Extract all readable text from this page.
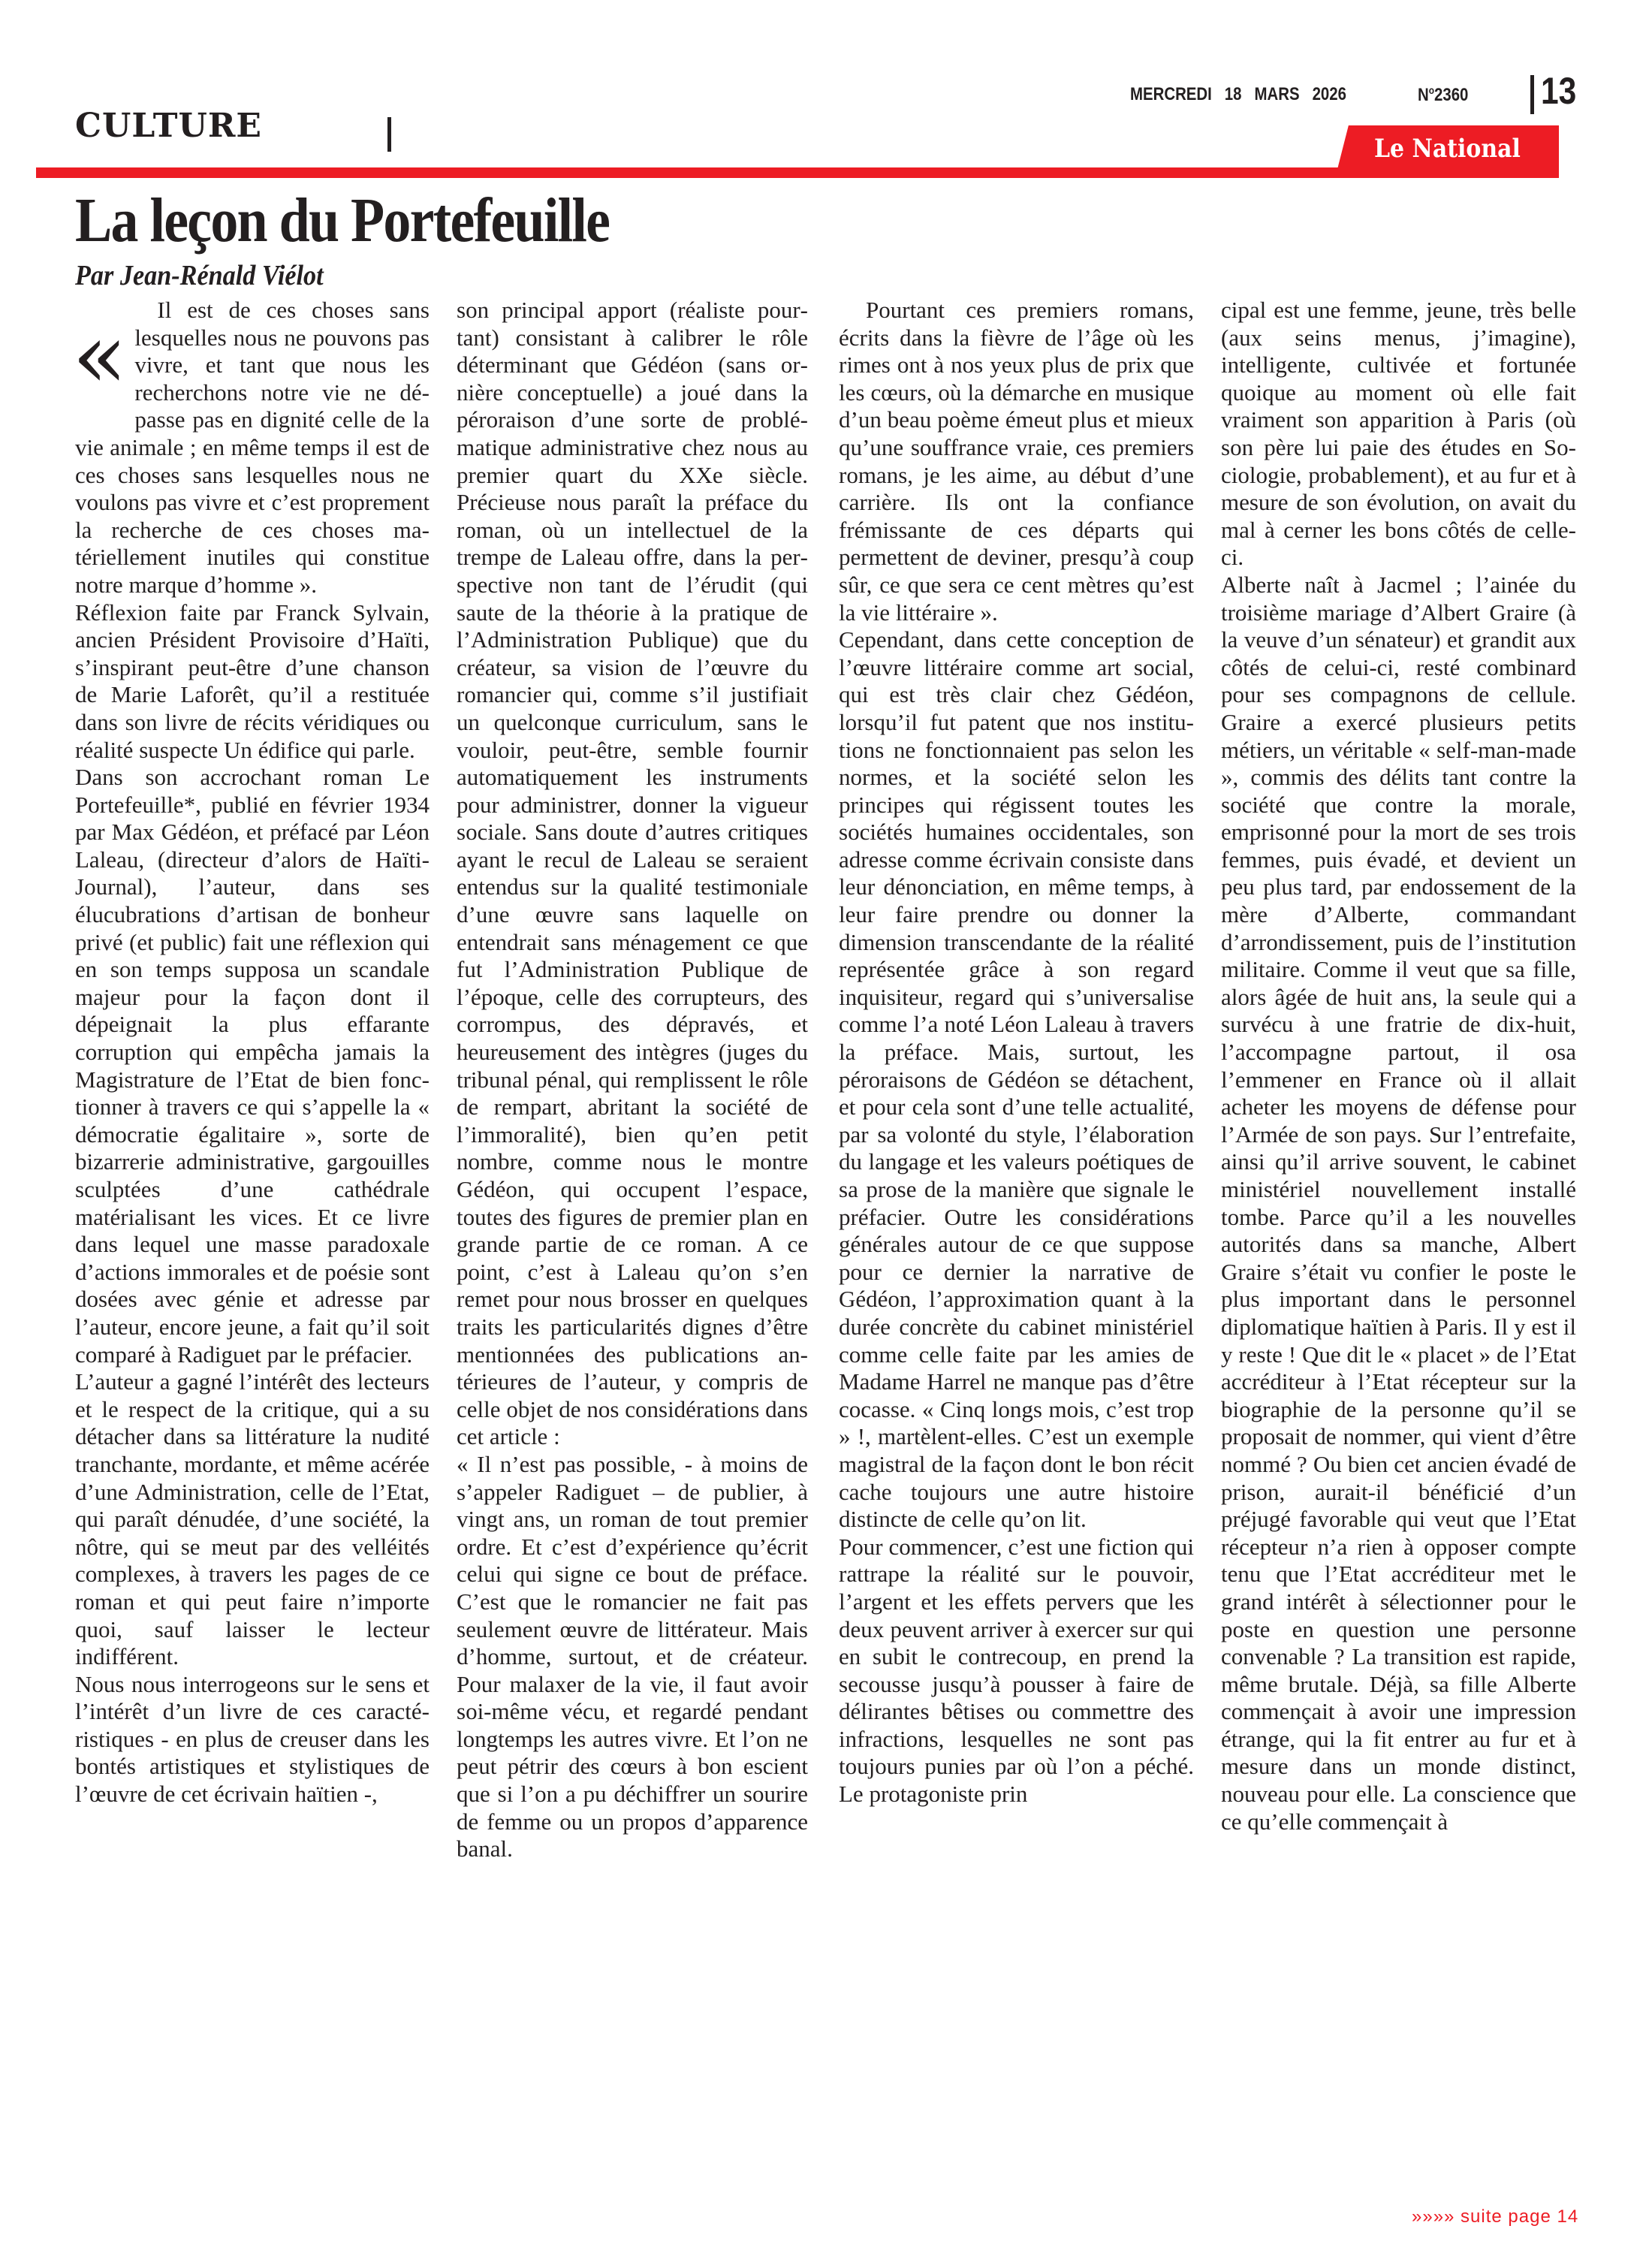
CULTURE
MERCREDI   18   MARS   2026	$N^o2360$ 13
Le National
La leçon du Portefeuille
Par Jean-Rénald Viélot
«	Il est de ces choses sans lesquelles nous ne pouvons pas vivre, et tant que nous les recherchons notre vie ne dépasse pas en dignité celle de la vie animale ; en même temps il est de ces choses sans lesquelles nous ne voulons pas vivre et c’est proprement la recherche de ces choses matériellement inutiles qui constitue notre marque d’homme ».

Réflexion faite par Franck Sylvain, ancien Président Provisoire d’Haïti, s’inspirant peut-être d’une chanson de Marie Laforêt, qu’il a restituée dans son livre de récits véridiques ou réalité suspecte Un édifice qui parle.

Dans son accrochant roman Le Portefeuille*, publié en février 1934 par Max Gédéon, et préfacé par Léon Laleau, (directeur d’alors de Haïti-Journal), l’auteur, dans ses élucubrations d’artisan de bonheur privé (et public) fait une réflexion qui en son temps supposa un scandale majeur pour la façon dont il dépeignait la plus effarante corruption qui empêcha jamais la Magistrature de l’Etat de bien fonctionner à travers ce qui s’appelle la « démocratie égalitaire », sorte de bizarrerie administrative, gargouilles sculptées d’une cathédrale matérialisant les vices. Et ce livre dans lequel une masse paradoxale d’actions immorales et de poésie sont dosées avec génie et adresse par l’auteur, encore jeune, a fait qu’il soit comparé à Radiguet par le préfacier.

L’auteur a gagné l’intérêt des lecteurs et le respect de la critique, qui a su détacher dans sa littérature la nudité tranchante, mordante, et même acérée d’une Administration, celle de l’Etat, qui paraît dénudée, d’une société, la nôtre, qui se meut par des velléités complexes, à travers les pages de ce roman et qui peut faire n’importe quoi, sauf laisser le lecteur indifférent.

Nous nous interrogeons sur le sens et l’intérêt d’un livre de ces caractéristiques - en plus de creuser dans les bontés artistiques et stylistiques de l’œuvre de cet écrivain haïtien -,

son principal apport (réaliste pourtant) consistant à calibrer le rôle déterminant que Gédéon (sans ornière conceptuelle) a joué dans la péroraison d’une sorte de problématique administrative chez nous au premier quart du XXe siècle. Précieuse nous paraît la préface du roman, où un intellectuel de la trempe de Laleau offre, dans la perspective non tant de l’érudit (qui saute de la théorie à la pratique de l’Administration Publique) que du créateur, sa vision de l’œuvre du romancier qui, comme s’il justifiait un quelconque curriculum, sans le vouloir, peut-être, semble fournir automatiquement les instruments pour administrer, donner la vigueur sociale. Sans doute d’autres critiques ayant le recul de Laleau se seraient entendus sur la qualité testimoniale d’une œuvre sans laquelle on entendrait sans ménagement ce que fut l’Administration Publique de l’époque, celle des corrupteurs, des corrompus, des dépravés, et heureusement des intègres (juges du tribunal pénal, qui remplissent le rôle de rempart, abritant la société de l’immoralité), bien qu’en petit nombre, comme nous le montre Gédéon, qui occupent l’espace, toutes des figures de premier plan en grande partie de ce roman. A ce point, c’est à Laleau qu’on s’en remet pour nous brosser en quelques traits les particularités dignes d’être mentionnées des publications antérieures de l’auteur, y compris de celle objet de nos considérations dans cet article :

« Il n’est pas possible, - à moins de s’appeler Radiguet – de publier, à vingt ans, un roman de tout premier ordre. Et c’est d’expérience qu’écrit celui qui signe ce bout de préface. C’est que le romancier ne fait pas seulement œuvre de littérateur. Mais d’homme, surtout, et de créateur. Pour malaxer de la vie, il faut avoir soi-même vécu, et regardé pendant longtemps les autres vivre. Et l’on ne peut pétrir des cœurs à bon escient que si l’on a pu déchiffrer un sourire de femme ou un propos d’apparence banal.

Pourtant ces premiers romans, écrits dans la fièvre de l’âge où les rimes ont à nos yeux plus de prix que les cœurs, où la démarche en musique d’un beau poème émeut plus et mieux qu’une souffrance vraie, ces premiers romans, je les aime, au début d’une carrière. Ils ont la confiance frémissante de ces départs qui permettent de deviner, presqu’à coup sûr, ce que sera ce cent mètres qu’est la vie littéraire ».

Cependant, dans cette conception de l’œuvre littéraire comme art social, qui est très clair chez Gédéon, lorsqu’il fut patent que nos institutions ne fonctionnaient pas selon les normes, et la société selon les principes qui régissent toutes les sociétés humaines occidentales, son adresse comme écrivain consiste dans leur dénonciation, en même temps, à leur faire prendre ou donner la dimension transcendante de la réalité représentée grâce à son regard inquisiteur, regard qui s’universalise comme l’a noté Léon Laleau à travers la préface. Mais, surtout, les péroraisons de Gédéon se détachent, et pour cela sont d’une telle actualité, par sa volonté du style, l’élaboration du langage et les valeurs poétiques de sa prose de la manière que signale le préfacier. Outre les considérations générales autour de ce que suppose pour ce dernier la narrative de Gédéon, l’approximation quant à la durée concrète du cabinet ministériel comme celle faite par les amies de Madame Harrel ne manque pas d’être cocasse. « Cinq longs mois, c’est trop » !, martèlent-elles. C’est un exemple magistral de la façon dont le bon récit cache toujours une autre histoire distincte de celle qu’on lit.

Pour commencer, c’est une fiction qui rattrape la réalité sur le pouvoir, l’argent et les effets pervers que les deux peuvent arriver à exercer sur qui en subit le contrecoup, en prend la secousse jusqu’à pousser à faire de délirantes bêtises ou commettre des infractions, lesquelles ne sont pas toujours punies par où l’on a péché. Le protagoniste prin

cipal est une femme, jeune, très belle (aux seins menus, j’imagine), intelligente, cultivée et fortunée quoique au moment où elle fait vraiment son apparition à Paris (où son père lui paie des études en Sociologie, probablement), et au fur et à mesure de son évolution, on avait du mal à cerner les bons côtés de celle-ci.

Alberte naît à Jacmel ; l’ainée du troisième mariage d’Albert Graire (à la veuve d’un sénateur) et grandit aux côtés de celui-ci, resté combinard pour ses compagnons de cellule. Graire a exercé plusieurs petits métiers, un véritable « self-man-made », commis des délits tant contre la société que contre la morale, emprisonné pour la mort de ses trois femmes, puis évadé, et devient un peu plus tard, par endossement de la mère d’Alberte, commandant d’arrondissement, puis de l’institution militaire. Comme il veut que sa fille, alors âgée de huit ans, la seule qui a survécu à une fratrie de dix-huit, l’accompagne partout, il osa l’emmener en France où il allait acheter les moyens de défense pour l’Armée de son pays. Sur l’entrefaite, ainsi qu’il arrive souvent, le cabinet ministériel nouvellement installé tombe. Parce qu’il a les nouvelles autorités dans sa manche, Albert Graire s’était vu confier le poste le plus important dans le personnel diplomatique haïtien à Paris. Il y est il y reste ! Que dit le « placet » de l’Etat accréditeur à l’Etat récepteur sur la biographie de la personne qu’il se proposait de nommer, qui vient d’être nommé ? Ou bien cet ancien évadé de prison, aurait-il bénéficié d’un préjugé favorable qui veut que l’Etat récepteur n’a rien à opposer compte tenu que l’Etat accréditeur met le grand intérêt à sélectionner pour le poste en question une personne convenable ? La transition est rapide, même brutale. Déjà, sa fille Alberte commençait à avoir une impression étrange, qui la fit entrer au fur et à mesure dans un monde distinct, nouveau pour elle. La conscience que ce qu’elle commençait à

»»»» suite page 14
